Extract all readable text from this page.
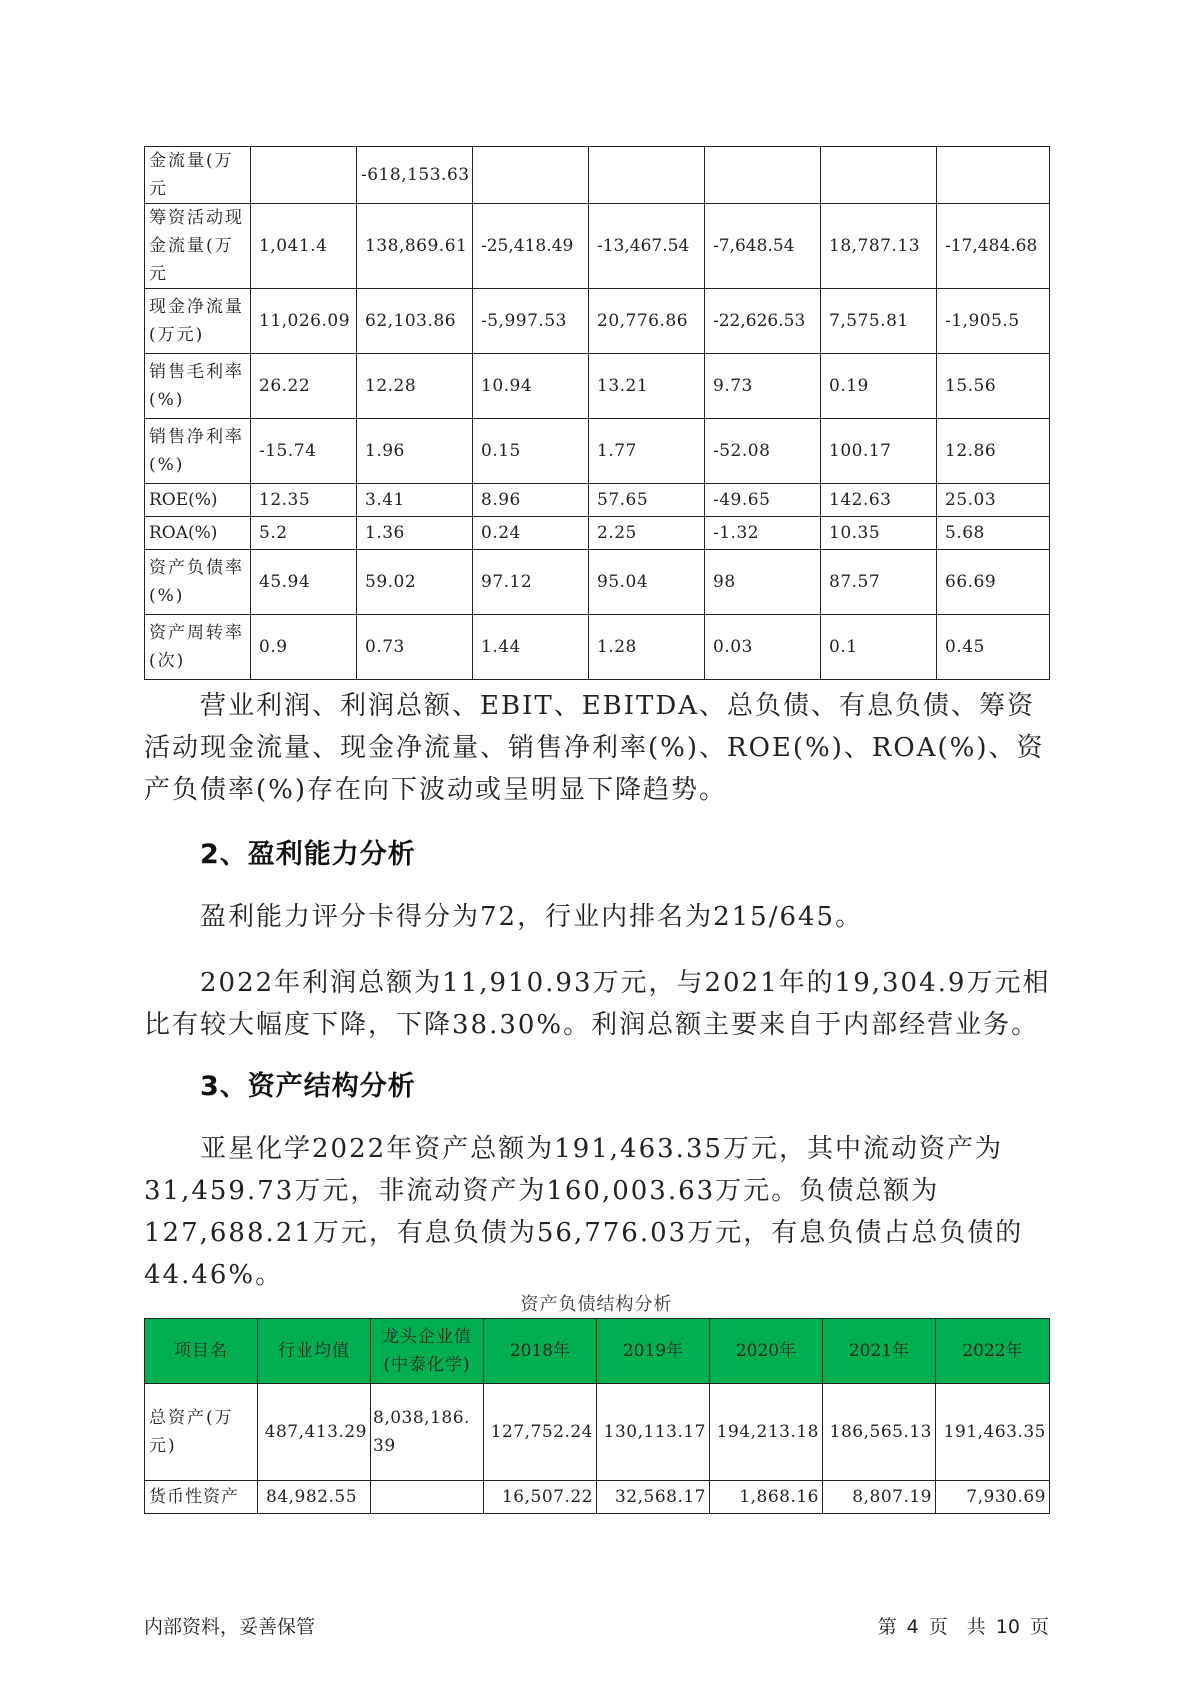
金流量(万元		-618,153.63					
筹资活动现金流量(万元	1,041.4	138,869.61	-25,418.49	-13,467.54	-7,648.54	18,787.13	-17,484.68
现金净流量(万元)	11,026.09	62,103.86	-5,997.53	20,776.86	-22,626.53	7,575.81	-1,905.5
销售毛利率(%)	26.22	12.28	10.94	13.21	9.73	0.19	15.56
销售净利率(%)	-15.74	1.96	0.15	1.77	-52.08	100.17	12.86
ROE(%)	12.35	3.41	8.96	57.65	-49.65	142.63	25.03
ROA(%)	5.2	1.36	0.24	2.25	-1.32	10.35	5.68
资产负债率(%)	45.94	59.02	97.12	95.04	98	87.57	66.69
资产周转率(次)	0.9	0.73	1.44	1.28	0.03	0.1	0.45

营业利润、利润总额、EBIT、EBITDA、总负债、有息负债、筹资活动现金流量、现金净流量、销售净利率(%)、ROE(%)、ROA(%)、资产负债率(%)存在向下波动或呈明显下降趋势。

2、盈利能力分析

盈利能力评分卡得分为72，行业内排名为215/645。

2022年利润总额为11,910.93万元，与2021年的19,304.9万元相比有较大幅度下降，下降38.30%。利润总额主要来自于内部经营业务。

3、资产结构分析

亚星化学2022年资产总额为191,463.35万元，其中流动资产为31,459.73万元，非流动资产为160,003.63万元。负债总额为127,688.21万元，有息负债为56,776.03万元，有息负债占总负债的44.46%。

资产负债结构分析
项目名	行业均值	龙头企业值(中泰化学)	2018年	2019年	2020年	2021年	2022年
总资产(万元)	487,413.29	8,038,186.39	127,752.24	130,113.17	194,213.18	186,565.13	191,463.35
货币性资产	84,982.55		16,507.22	32,568.17	1,868.16	8,807.19	7,930.69
内部资料，妥善保管	第 4 页　共 10 页
